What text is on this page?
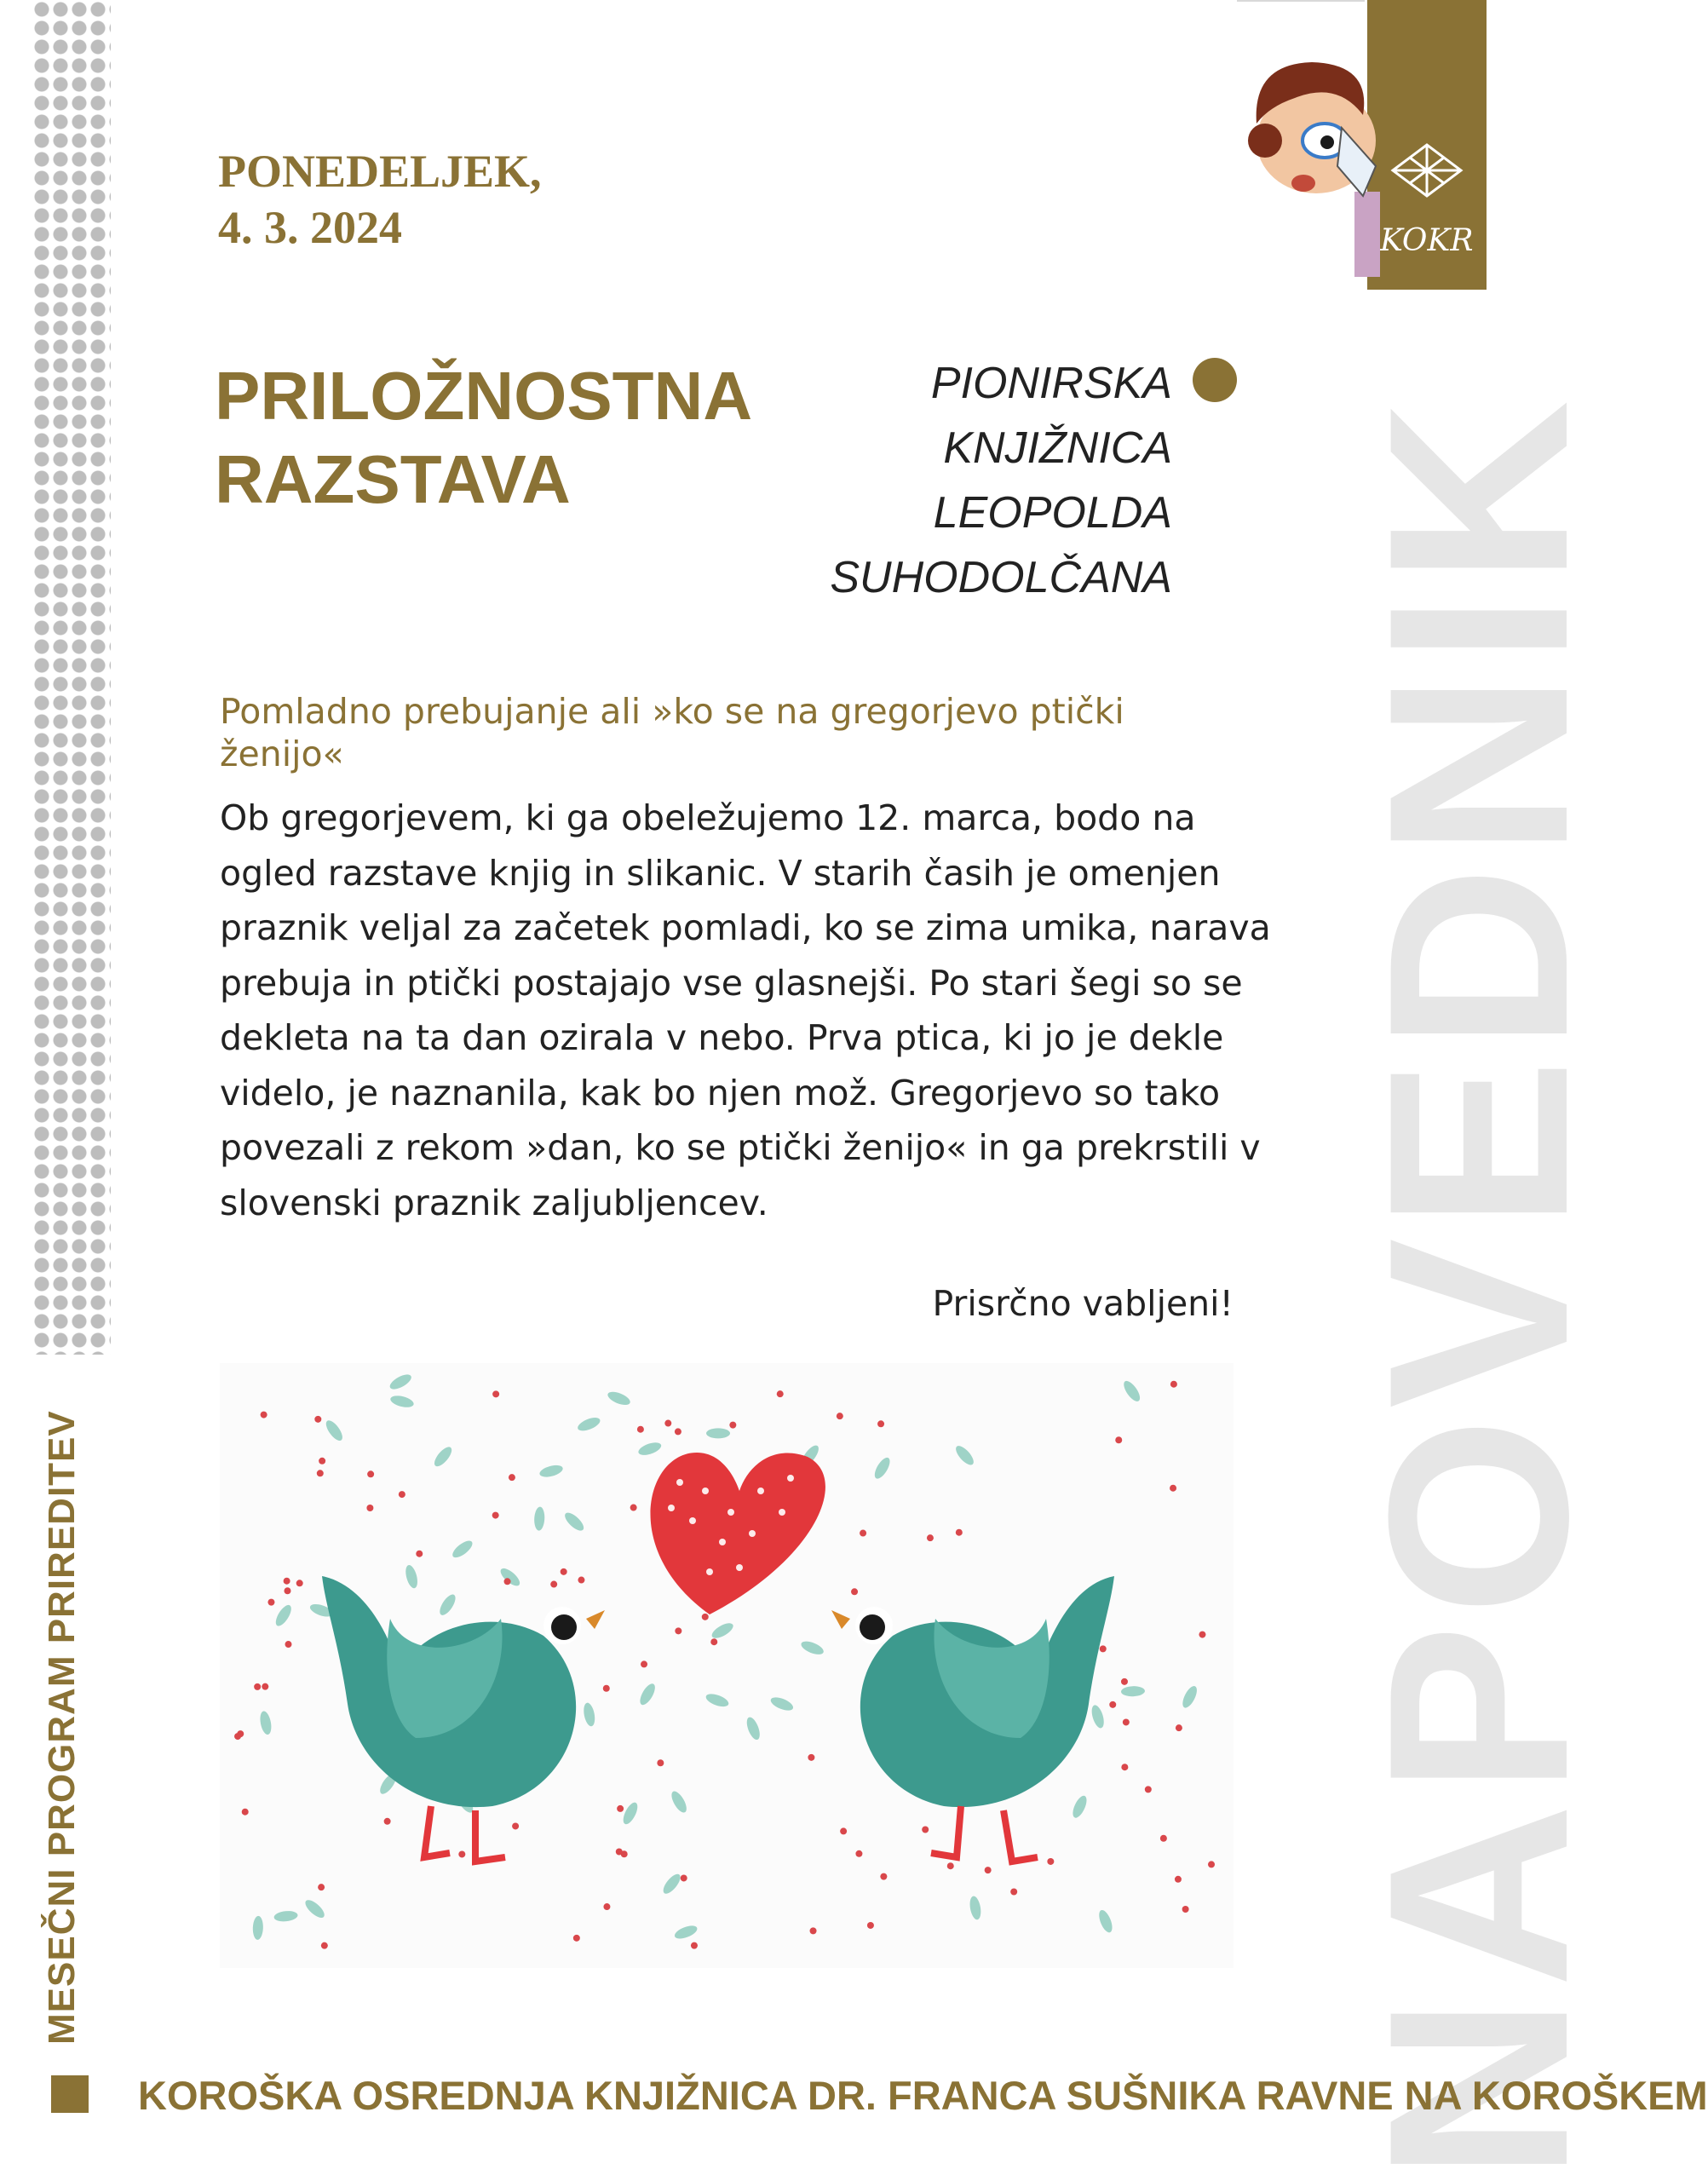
NAPOVEDNIK
KOKR
PONEDELJEK,
4. 3. 2024
PRILOŽNOSTNA
RAZSTAVA
PIONIRSKA
KNJIŽNICA
LEOPOLDA
SUHODOLČANA
Pomladno prebujanje ali »ko se na gregorjevo ptički ženijo«

Ob gregorjevem, ki ga obeležujemo 12. marca, bodo na ogled razstave knjig in slikanic. V starih časih je omenjen praznik veljal za začetek pomladi, ko se zima umika, narava prebuja in ptički postajajo vse glasnejši. Po stari šegi so se dekleta na ta dan ozirala v nebo. Prva ptica, ki jo je dekle videlo, je naznanila, kak bo njen mož. Gregorjevo so tako povezali z rekom »dan, ko se ptički ženijo« in ga prekrstili v slovenski praznik zaljubljencev.

Prisrčno vabljeni!
MESEČNI PROGRAM PRIREDITEV
KOROŠKA OSREDNJA KNJIŽNICA DR. FRANCA SUŠNIKA RAVNE NA KOROŠKEM
